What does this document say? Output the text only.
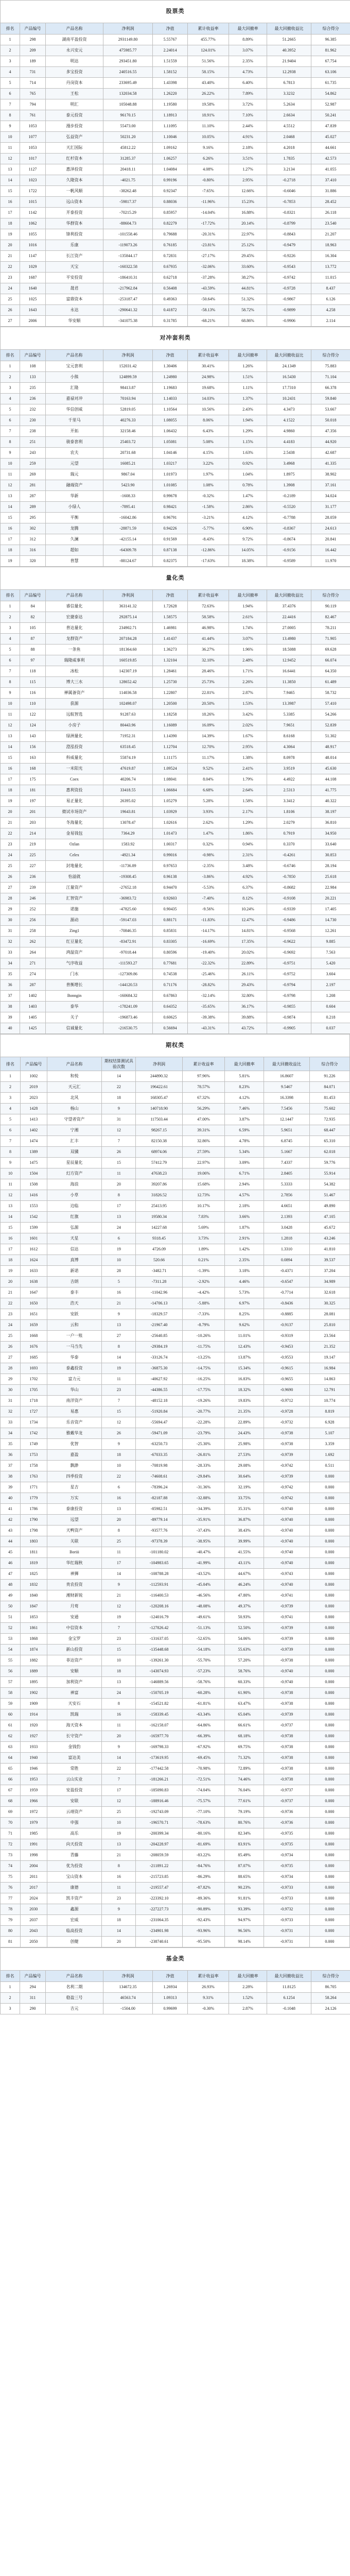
股票类								
排名	产品编号	产品名称	净利润	净值	累计收益率	最大回撤率	最大回撤收益比	综合得分
1	298	湖南平盈投资	2931149.80	5.55767	455.77%	8.89%	51.2665	96.385
2	209	永兴安元	475985.77	2.24014	124.01%	3.07%	40.3952	81.962
3	189	明达	293451.80	1.51559	51.56%	2.35%	21.9404	67.754
4	731	多宝投资	240516.55	1.58152	58.15%	4.73%	12.2938	63.106
5	714	丹岗资本	233695.49	1.43398	43.40%	6.40%	6.7813	61.735
6	765	王松	132034.58	1.26220	26.22%	7.89%	3.3232	54.862
7	794	明汇	105048.88	1.19580	19.58%	3.72%	5.2634	52.987
8	761	泰元投资	96170.15	1.18913	18.91%	7.10%	2.6634	50.241
9	1053	漫步投资	55473.00	1.11095	11.10%	2.44%	4.5512	47.839
10	1077	弘益资产	50231.20	1.10046	10.05%	4.91%	2.0468	45.027
11	1053	天汇国际	45812.22	1.09162	9.16%	2.18%	4.2018	44.661
12	1017	红杉资本	31285.37	1.06257	6.26%	3.51%	1.7835	42.573
13	1127	惠泽投资	20418.11	1.04084	4.08%	1.27%	3.2134	41.055
14	1023	久隆资本	-4021.75	0.99196	-0.80%	2.95%	-0.2718	37.410
15	1722	一帆风顺	-38262.48	0.92347	-7.65%	12.66%	-0.6046	31.886
16	1015	远山资本	-59817.37	0.88036	-11.96%	15.23%	-0.7853	28.452
17	1142	开泰投资	-70215.29	0.85957	-14.04%	16.88%	-0.8321	26.118
18	1062	华群资本	-88604.73	0.82279	-17.72%	20.14%	-0.8799	23.540
19	1055	锋利投资	-101558.46	0.79688	-20.31%	22.97%	-0.8843	21.207
20	1016	乐康	-119073.26	0.76185	-23.81%	25.12%	-0.9479	18.963
21	1147	长江资产	-135844.17	0.72831	-27.17%	29.45%	-0.9226	16.304
22	1029	天宝	-160322.58	0.67935	-32.06%	33.60%	-0.9543	13.772
23	1687	平安投资	-186410.31	0.62718	-37.28%	38.27%	-0.9742	11.015
24	1640	晟君	-217962.84	0.56408	-43.59%	44.81%	-0.9728	8.437
25	1025	富鼎资本	-253187.47	0.49363	-50.64%	51.32%	-0.9867	6.126
26	1643	永达	-290641.32	0.41872	-58.13%	58.72%	-0.9899	4.258
27	2006	华安顺	-341075.38	0.31785	-68.21%	68.86%	-0.9906	2.114
对冲套利类								
排名	产品编号	产品名称	净利润	净值	累计收益率	最大回撤率	最大回撤收益比	综合得分
1	108	宝元套利	152031.42	1.30406	30.41%	1.26%	24.1349	75.883
2	133	小熊	124899.59	1.24980	24.98%	1.51%	16.5430	71.104
3	235	汇隆	98413.87	1.19683	19.68%	1.11%	17.7310	66.378
4	236	嘉禄对冲	70163.94	1.14033	14.03%	1.37%	10.2431	59.840
5	232	华信创威	52819.05	1.10564	10.56%	2.43%	4.3473	53.667
6	230	千里马	40276.33	1.08055	8.06%	1.94%	4.1522	50.018
7	238	开拓	32158.46	1.06432	6.43%	1.29%	4.9860	47.356
8	251	骏泰套利	25403.72	1.05081	5.08%	1.15%	4.4183	44.920
9	243	农夫	20731.68	1.04146	4.15%	1.63%	2.5438	42.687
10	259	元望	16085.21	1.03217	3.22%	0.92%	3.4968	41.335
11	269	瑞元	9867.04	1.01973	1.97%	1.04%	1.8975	38.902
12	281	融端资产	5423.90	1.01085	1.08%	0.78%	1.3908	37.161
13	287	华新	-1608.33	0.99678	-0.32%	1.47%	-0.2189	34.024
14	289	小绿人	-7895.41	0.98421	-1.58%	2.86%	-0.5520	31.177
15	295	平衡	-16042.86	0.96791	-3.21%	4.12%	-0.7788	28.059
16	302	龙腾	-28871.59	0.94226	-5.77%	6.90%	-0.8367	24.613
17	312	久澜	-42155.14	0.91569	-8.43%	9.72%	-0.8674	20.841
18	316	超如	-64309.78	0.87138	-12.86%	14.05%	-0.9156	16.442
19	320	普慧	-88124.67	0.82375	-17.63%	18.38%	-0.9589	11.970
量化类								
排名	产品编号	产品名称	净利润	净值	累计收益率	最大回撤率	最大回撤收益比	综合得分
1	84	睿信量化	363141.32	1.72628	72.63%	1.94%	37.4376	90.119
2	82	宏捷泰达	292875.14	1.58575	58.58%	2.61%	22.4416	82.467
3	105	普达量化	234902.71	1.46981	46.98%	1.74%	27.0005	78.211
4	87	龙群资产	207184.28	1.41437	41.44%	3.07%	13.4980	71.905
5	88	一条鱼	181364.60	1.36273	36.27%	1.96%	18.5088	69.628
6	97	瑞隆威事利	160519.85	1.32104	32.10%	2.48%	12.9452	66.074
7	118	冰松	142307.19	1.28461	28.46%	1.71%	16.6441	64.350
8	115	博大三水	128652.42	1.25730	25.73%	2.26%	11.3850	61.489
9	116	禅属备资产	114036.58	1.22807	22.81%	2.87%	7.9465	58.732
10	110	获源	102498.07	1.20500	20.50%	1.53%	13.3987	57.410
11	122	远航智选	91287.63	1.18258	18.26%	3.42%	5.3385	54.266
12	124	小房子	80443.96	1.16089	16.09%	2.02%	7.9651	52.839
13	143	绿洲量化	71952.31	1.14390	14.39%	1.67%	8.6168	51.302
14	156	澄泓投资	63518.45	1.12704	12.70%	2.95%	4.3064	48.917
15	163	科威量化	55874.19	1.11175	11.17%	1.38%	8.0978	48.014
16	168	一米阳光	47619.87	1.09524	9.52%	2.41%	3.9519	45.630
17	175	Coex	40206.74	1.08041	8.04%	1.79%	4.4922	44.108
18	181	惠利资投	33418.55	1.06684	6.68%	2.64%	2.5313	41.775
19	197	易正量化	26395.02	1.05279	5.28%	1.58%	3.3412	40.322
20	201	微试市场资产	19643.81	1.03929	3.93%	2.17%	1.8106	38.197
21	203	冬海量化	13078.47	1.02616	2.62%	1.29%	2.0279	36.810
22	214	金易钱包	7364.29	1.01473	1.47%	1.86%	0.7919	34.950
23	219	Ozlan	1583.92	1.00317	0.32%	0.94%	0.3370	33.640
24	225	Celex	-4921.34	0.99016	-0.98%	2.31%	-0.4261	30.853
25	227	封地量化	-11736.89	0.97653	-2.35%	3.48%	-0.6746	28.194
26	236	怡溢就	-19308.45	0.96138	-3.86%	4.92%	-0.7850	25.618
27	239	江量资产	-27652.18	0.94470	-5.53%	6.37%	-0.8682	22.984
28	246	汇智资产	-36983.72	0.92603	-7.40%	8.12%	-0.9108	20.221
29	252	诺施	-47825.60	0.90435	-9.56%	10.24%	-0.9339	17.405
30	256	源动	-59147.03	0.88171	-11.83%	12.47%	-0.9486	14.730
31	258	Zing1	-70846.35	0.85831	-14.17%	14.81%	-0.9568	12.261
32	262	红豆量化	-83472.91	0.83305	-16.69%	17.35%	-0.9622	9.885
33	264	鸿温资产	-97018.44	0.80596	-19.40%	20.02%	-0.9692	7.563
34	271	气序收益	-111593.27	0.77681	-22.32%	22.89%	-0.9751	5.420
35	274	门水	-127309.86	0.74538	-25.46%	26.11%	-0.9752	3.604
36	287	普衡增长	-144120.53	0.71176	-28.82%	29.43%	-0.9794	2.197
37	1402	Bonngin	-160684.32	0.67863	-32.14%	32.80%	-0.9798	1.208
38	1403	泰华	-178241.09	0.64352	-35.65%	36.17%	-0.9855	0.604
39	1405	关子	-196873.46	0.60625	-39.38%	39.88%	-0.9874	0.218
40	1425	信诚量化	-216530.75	0.56694	-43.31%	43.72%	-0.9905	0.037
期权类								
排名	产品编号	产品名称	期权结算测试具验次数	净利润	累计收益率	最大回撤率	最大回撤收益比	综合得分
1	1002	和悦	14	244890.32	97.96%	5.81%	16.8607	91.226
2	2019	天元汇	22	196422.61	78.57%	8.23%	9.5467	84.071
3	2023	北风	18	168305.47	67.32%	4.12%	16.3398	81.453
4	1428	杨山	9	140718.90	56.29%	7.46%	7.5456	75.602
5	1413	守望者资产	31	117503.44	47.00%	3.87%	12.1447	72.935
6	1402	宁湘	12	98267.15	39.31%	6.59%	5.9651	68.447
7	1474	汇丰	7	82150.38	32.86%	4.78%	6.8745	65.310
8	1389	双骥	26	68974.06	27.59%	5.34%	5.1667	62.018
9	1475	星辰量化	15	57412.79	22.97%	3.09%	7.4337	59.776
10	1504	幻方资产	11	47638.23	19.06%	6.71%	2.8405	55.914
11	1508	海浪	20	39207.86	15.68%	2.94%	5.3333	54.382
12	1416	小草	8	31826.52	12.73%	4.57%	2.7856	51.467
13	1553	边临	17	25413.95	10.17%	2.18%	4.6651	49.890
14	1542	红旗	13	19580.34	7.83%	3.66%	2.1393	47.105
15	1599	弘源	24	14227.68	5.69%	1.87%	3.0428	45.672
16	1601	天星	6	9318.45	3.73%	2.91%	1.2818	43.246
17	1612	信达	19	4726.09	1.89%	1.42%	1.3310	41.810
18	1624	真博	10	520.66	0.21%	2.35%	0.0894	39.537
19	1633	新诺	28	-3482.71	-1.39%	3.18%	-0.4371	37.204
20	1638	吉朗	5	-7311.28	-2.92%	4.46%	-0.6547	34.989
21	1647	泰丰	16	-11042.96	-4.42%	5.73%	-0.7714	32.618
22	1650	浩天	21	-14706.13	-5.88%	6.97%	-0.8436	30.325
23	1651	安跃	9	-18329.57	-7.33%	8.25%	-0.8885	28.081
24	1659	云和	13	-21967.40	-8.79%	9.62%	-0.9137	25.810
25	1668	一户一账	27	-25640.85	-10.26%	11.01%	-0.9319	23.564
26	1676	一马当先	8	-29384.19	-11.75%	12.43%	-0.9453	21.352
27	1685	华泰	14	-33126.74	-13.25%	13.87%	-0.9553	19.147
28	1693	泰鑫投资	19	-36875.30	-14.75%	15.34%	-0.9615	16.984
29	1702	富力元	11	-40627.92	-16.25%	16.83%	-0.9655	14.863
30	1705	华山	23	-44386.55	-17.75%	18.32%	-0.9690	12.791
31	1718	南洋资产	7	-48152.18	-19.26%	19.83%	-0.9712	10.774
32	1727	易惠	15	-51920.84	-20.77%	21.35%	-0.9728	8.819
33	1734	乐音资产	12	-55694.47	-22.28%	22.89%	-0.9732	6.928
34	1742	雅戴华龙	26	-59471.09	-23.79%	24.43%	-0.9738	5.107
35	1749	优智	9	-63250.73	-25.30%	25.98%	-0.9738	3.359
36	1753	嘉盈	18	-67033.35	-26.81%	27.53%	-0.9739	1.692
37	1758	飘渺	10	-70819.98	-28.33%	29.08%	-0.9742	0.511
38	1763	四季投资	22	-74608.61	-29.84%	30.64%	-0.9739	0.000
39	1771	星吉	6	-78396.24	-31.36%	32.19%	-0.9742	0.000
40	1779	万实	16	-82187.88	-32.88%	33.75%	-0.9742	0.000
41	1786	泰康投资	13	-85982.51	-34.39%	35.31%	-0.9740	0.000
42	1790	远望	20	-89779.14	-35.91%	36.87%	-0.9740	0.000
43	1798	天鸭资产	8	-93577.76	-37.43%	38.43%	-0.9740	0.000
44	1803	关联	25	-97378.39	-38.95%	39.99%	-0.9740	0.000
45	1811	Boriii	11	-101180.02	-40.47%	41.55%	-0.9740	0.000
46	1819	华红瑞秋	17	-104983.65	-41.99%	43.11%	-0.9740	0.000
47	1825	神狮	14	-108788.28	-43.52%	44.67%	-0.9743	0.000
48	1832	贵农投资	9	-112593.91	-45.04%	46.24%	-0.9740	0.000
49	1840	湘财新锐	21	-116400.53	-46.56%	47.80%	-0.9741	0.000
50	1847	月莺	12	-120208.16	-48.08%	49.37%	-0.9739	0.000
51	1853	安通	19	-124016.79	-49.61%	50.93%	-0.9741	0.000
52	1861	中信资本	7	-127826.42	-51.13%	52.50%	-0.9739	0.000
53	1868	金宝罗	23	-131637.05	-52.65%	54.06%	-0.9739	0.000
54	1874	新山投资	15	-135448.68	-54.18%	55.63%	-0.9739	0.000
55	1882	菲达资产	10	-139261.30	-55.70%	57.20%	-0.9738	0.000
56	1889	安顺	18	-143074.93	-57.23%	58.76%	-0.9740	0.000
57	1895	加利资产	13	-146889.56	-58.76%	60.33%	-0.9740	0.000
58	1902	神富	24	-150705.19	-60.28%	61.90%	-0.9738	0.000
59	1909	天安石	8	-154521.82	-61.81%	63.47%	-0.9738	0.000
60	1914	凯瑞	16	-158339.45	-63.34%	65.04%	-0.9739	0.000
61	1920	海天资本	11	-162158.07	-64.86%	66.61%	-0.9737	0.000
62	1927	长守资产	20	-165977.70	-66.39%	68.18%	-0.9738	0.000
63	1933	金钱豹	9	-169798.33	-67.92%	69.75%	-0.9738	0.000
64	1940	富达美	14	-173619.95	-69.45%	71.32%	-0.9738	0.000
65	1946	常胜	22	-177442.58	-70.98%	72.89%	-0.9738	0.000
66	1953	云山实业	7	-181266.21	-72.51%	74.46%	-0.9738	0.000
67	1959	安盈投资	17	-185090.83	-74.04%	76.04%	-0.9737	0.000
68	1966	安联	12	-188916.46	-75.57%	77.61%	-0.9737	0.000
69	1972	云靖资产	25	-192743.09	-77.10%	79.19%	-0.9736	0.000
70	1979	申强	10	-196570.71	-78.63%	80.76%	-0.9736	0.000
71	1985	高乐	19	-200399.34	-80.16%	82.34%	-0.9735	0.000
72	1991	向天投资	13	-204228.97	-81.69%	83.91%	-0.9735	0.000
73	1998	青藤	21	-208059.59	-83.22%	85.49%	-0.9734	0.000
74	2004	优为投资	8	-211891.22	-84.76%	87.07%	-0.9735	0.000
75	2011	宝山资本	16	-215723.85	-86.29%	88.65%	-0.9734	0.000
76	2017	康德	11	-219557.47	-87.82%	90.23%	-0.9733	0.000
77	2024	凯丰资产	23	-223392.10	-89.36%	91.81%	-0.9733	0.000
78	2030	鑫源	9	-227227.73	-90.89%	93.39%	-0.9732	0.000
79	2037	宏威	18	-231064.35	-92.43%	94.97%	-0.9733	0.000
80	2043	临高投资	14	-234901.98	-93.96%	96.56%	-0.9731	0.000
81	2050	创健	20	-238740.61	-95.50%	98.14%	-0.9731	0.000
基金类								
排名	产品编号	产品名称	净利润	净值	累计收益率	最大回撤率	最大回撤收益比	综合得分
1	294	名利二期	134672.35	1.26934	26.93%	2.28%	11.8125	86.705
2	311	稳盈三号	46563.74	1.09313	9.31%	1.52%	6.1254	58.264
3	290	吉元	-1504.00	0.99699	-0.30%	2.87%	-0.1048	24.126
